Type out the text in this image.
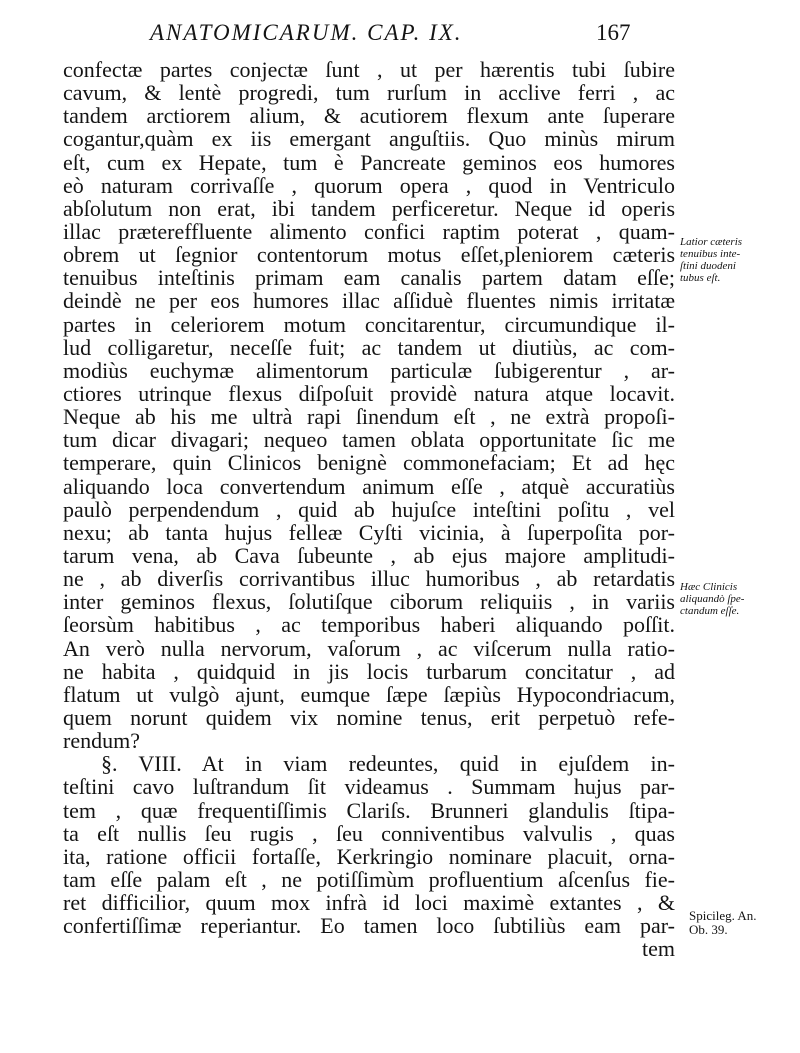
ANATOMICARUM. CAP. IX.	167
confectæ partes conjectæ ſunt , ut per hærentis tubi ſubire
cavum, & lentè progredi, tum rurſum in acclive ferri , ac
tandem arctiorem alium, & acutiorem flexum ante ſuperare
cogantur,quàm ex iis emergant anguſtiis. Quo minùs mirum
eſt, cum ex Hepate, tum è Pancreate geminos eos humores
eò naturam corrivaſſe , quorum opera , quod in Ventriculo
abſolutum non erat, ibi tandem perficeretur. Neque id operis
illac prætereffluente alimento confici raptim poterat , quam-
obrem ut ſegnior contentorum motus eſſet,pleniorem cæteris
tenuibus inteſtinis primam eam canalis partem datam eſſe;
deindè ne per eos humores illac aſſiduè fluentes nimis irritatæ
partes in celeriorem motum concitarentur, circumundique il-
lud colligaretur, neceſſe fuit; ac tandem ut diutiùs, ac com-
modiùs euchymæ alimentorum particulæ ſubigerentur , ar-
ctiores utrinque flexus diſpoſuit providè natura atque locavit.
Neque ab his me ultrà rapi ſinendum eſt , ne extrà propoſi-
tum dicar divagari; nequeo tamen oblata opportunitate ſic me
temperare, quin Clinicos benignè commonefaciam; Et ad hęc
aliquando loca convertendum animum eſſe , atquè accuratiùs
paulò perpendendum , quid ab hujuſce inteſtini poſitu , vel
nexu; ab tanta hujus felleæ Cyſti vicinia, à ſuperpoſita por-
tarum vena, ab Cava ſubeunte , ab ejus majore amplitudi-
ne , ab diverſis corrivantibus illuc humoribus , ab retardatis
inter geminos flexus, ſolutiſque ciborum reliquiis , in variis
ſeorsùm habitibus , ac temporibus haberi aliquando poſſit.
An verò nulla nervorum, vaſorum , ac viſcerum nulla ratio-
ne habita , quidquid in jis locis turbarum concitatur , ad
flatum ut vulgò ajunt, eumque ſæpe ſæpiùs Hypocondriacum,
quem norunt quidem vix nomine tenus, erit perpetuò refe-
rendum?
§. VIII. At in viam redeuntes, quid in ejuſdem in-
teſtini cavo luſtrandum ſit videamus . Summam hujus par-
tem , quæ frequentiſſimis Clariſs. Brunneri glandulis ſtipa-
ta eſt nullis ſeu rugis , ſeu conniventibus valvulis , quas
ita, ratione officii fortaſſe, Kerkringio nominare placuit, orna-
tam eſſe palam eſt , ne potiſſimùm profluentium aſcenſus fie-
ret difficilior, quum mox infrà id loci maximè extantes , &
confertiſſimæ reperiantur. Eo tamen loco ſubtiliùs eam par-
tem
Latior cæteris
tenuibus inte-
ſtini duodeni
tubus eſt.
Hæc Clinicis
aliquandò ſpe-
ctandum eſſe.
Spicileg. An.
Ob. 39.
